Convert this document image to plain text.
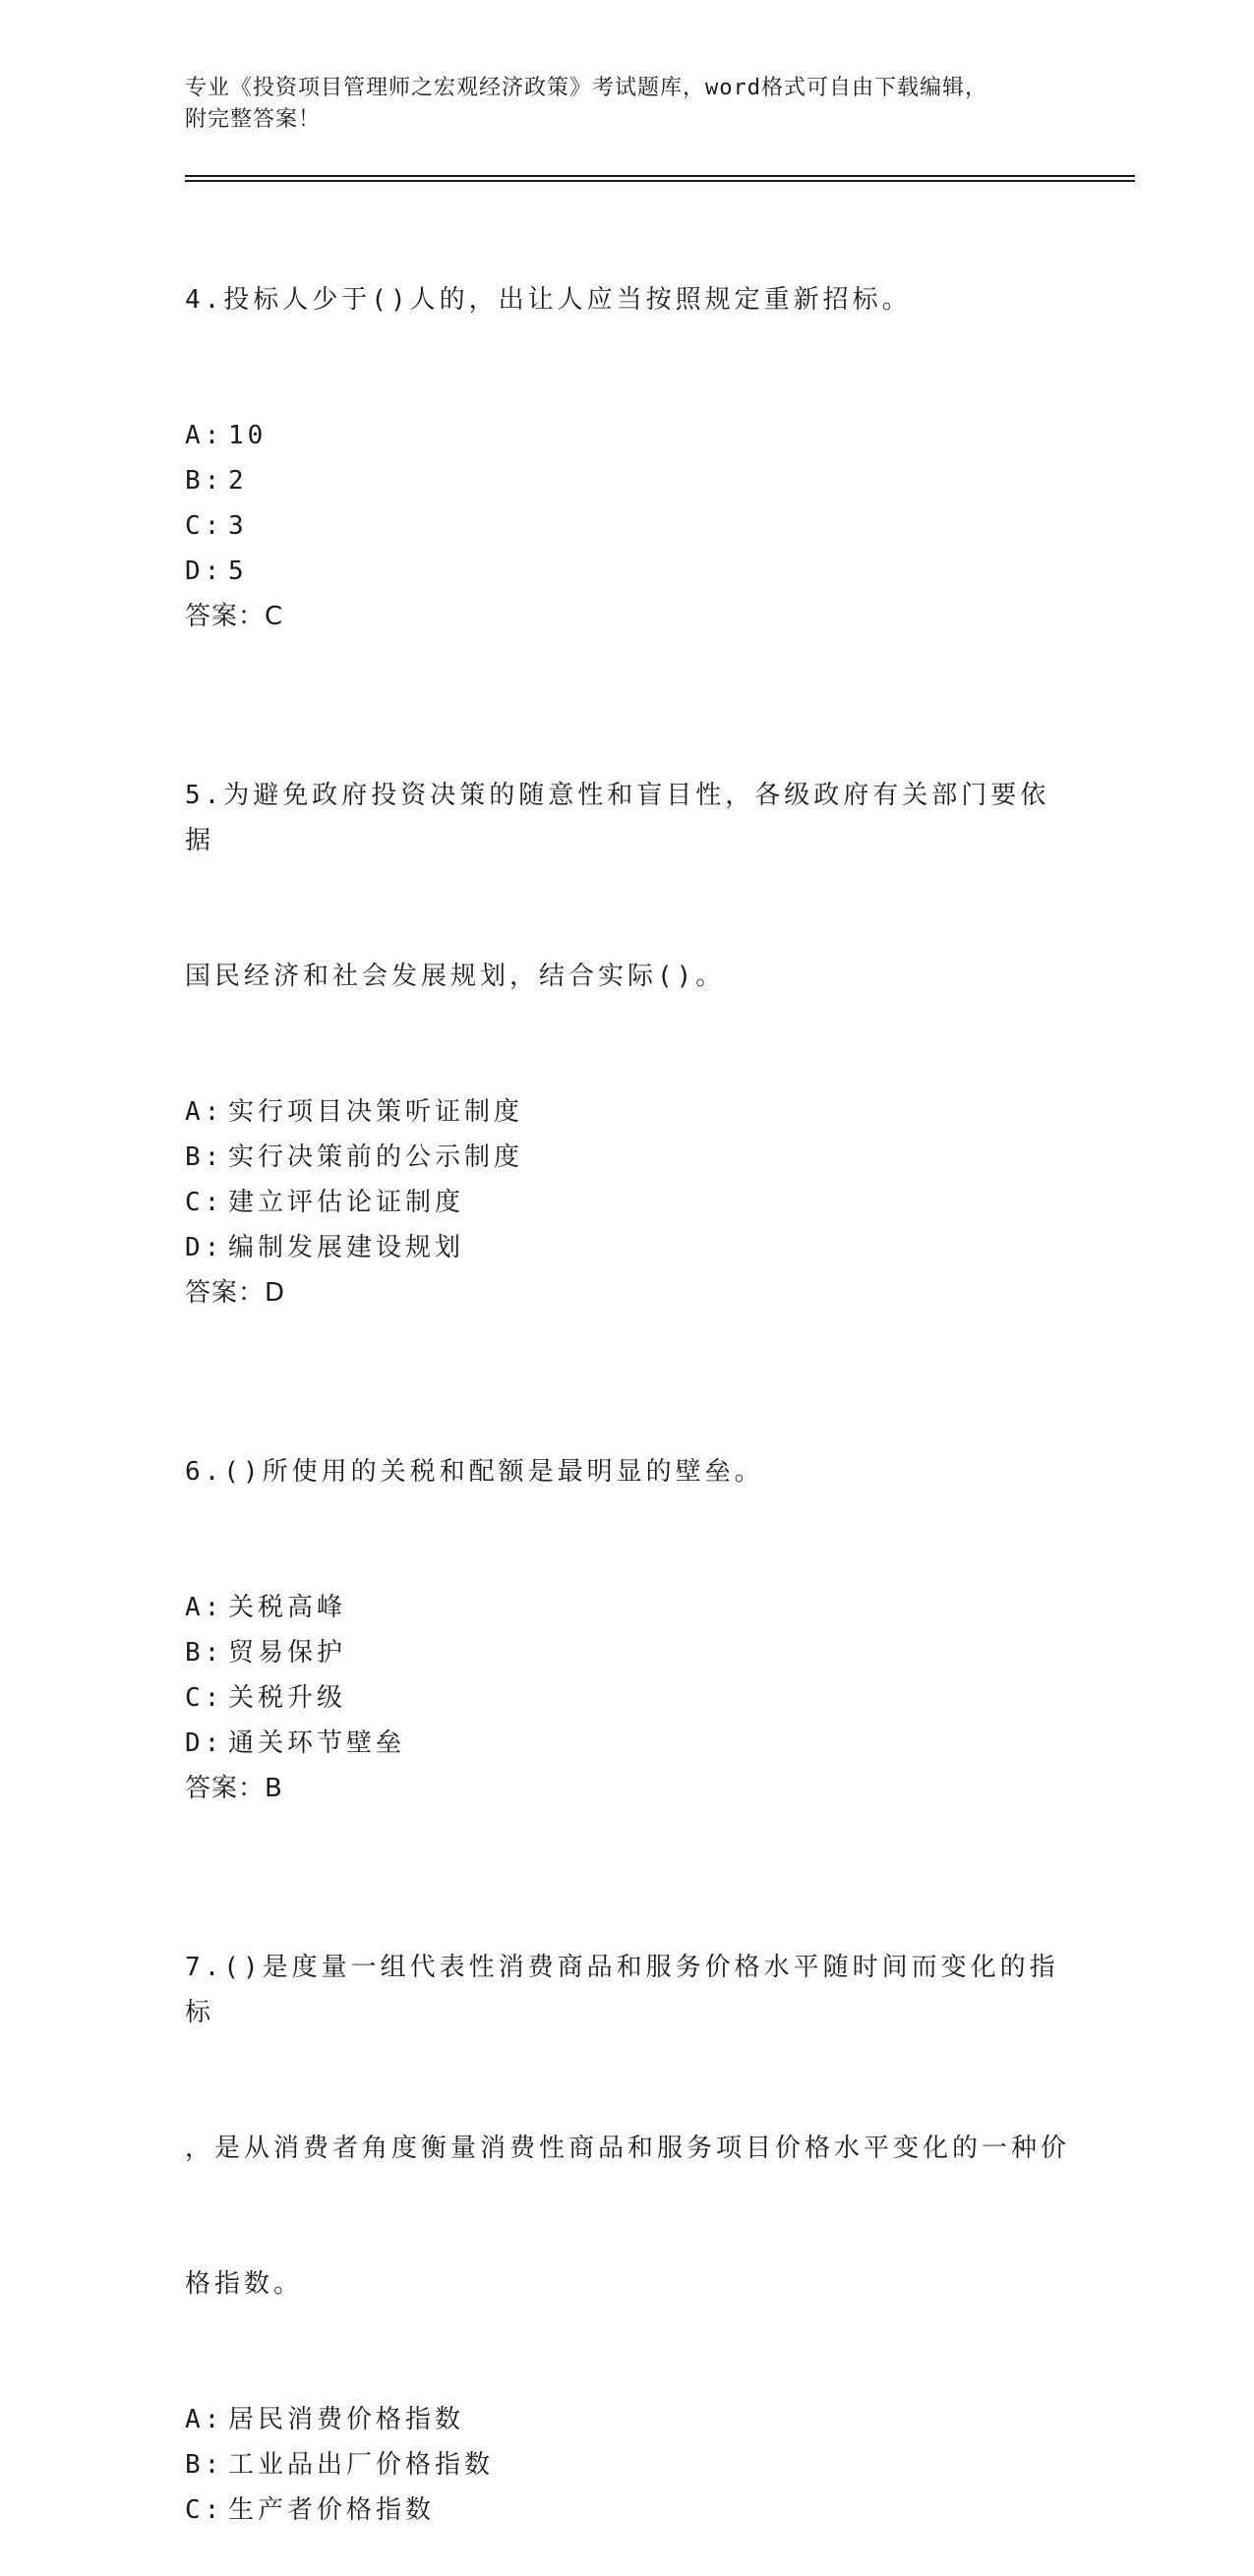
专业《投资项目管理师之宏观经济政策》考试题库，word格式可自由下载编辑，
附完整答案！

4.投标人少于()人的，出让人应当按照规定重新招标。

A: 10
B: 2
C: 3
D: 5
答案：C

5.为避免政府投资决策的随意性和盲目性，各级政府有关部门要依据

国民经济和社会发展规划，结合实际()。

A: 实行项目决策听证制度
B: 实行决策前的公示制度
C: 建立评估论证制度
D: 编制发展建设规划
答案：D

6.()所使用的关税和配额是最明显的壁垒。

A: 关税高峰
B: 贸易保护
C: 关税升级
D: 通关环节壁垒
答案：B

7.()是度量一组代表性消费商品和服务价格水平随时间而变化的指标

，是从消费者角度衡量消费性商品和服务项目价格水平变化的一种价

格指数。

A: 居民消费价格指数
B: 工业品出厂价格指数
C: 生产者价格指数
